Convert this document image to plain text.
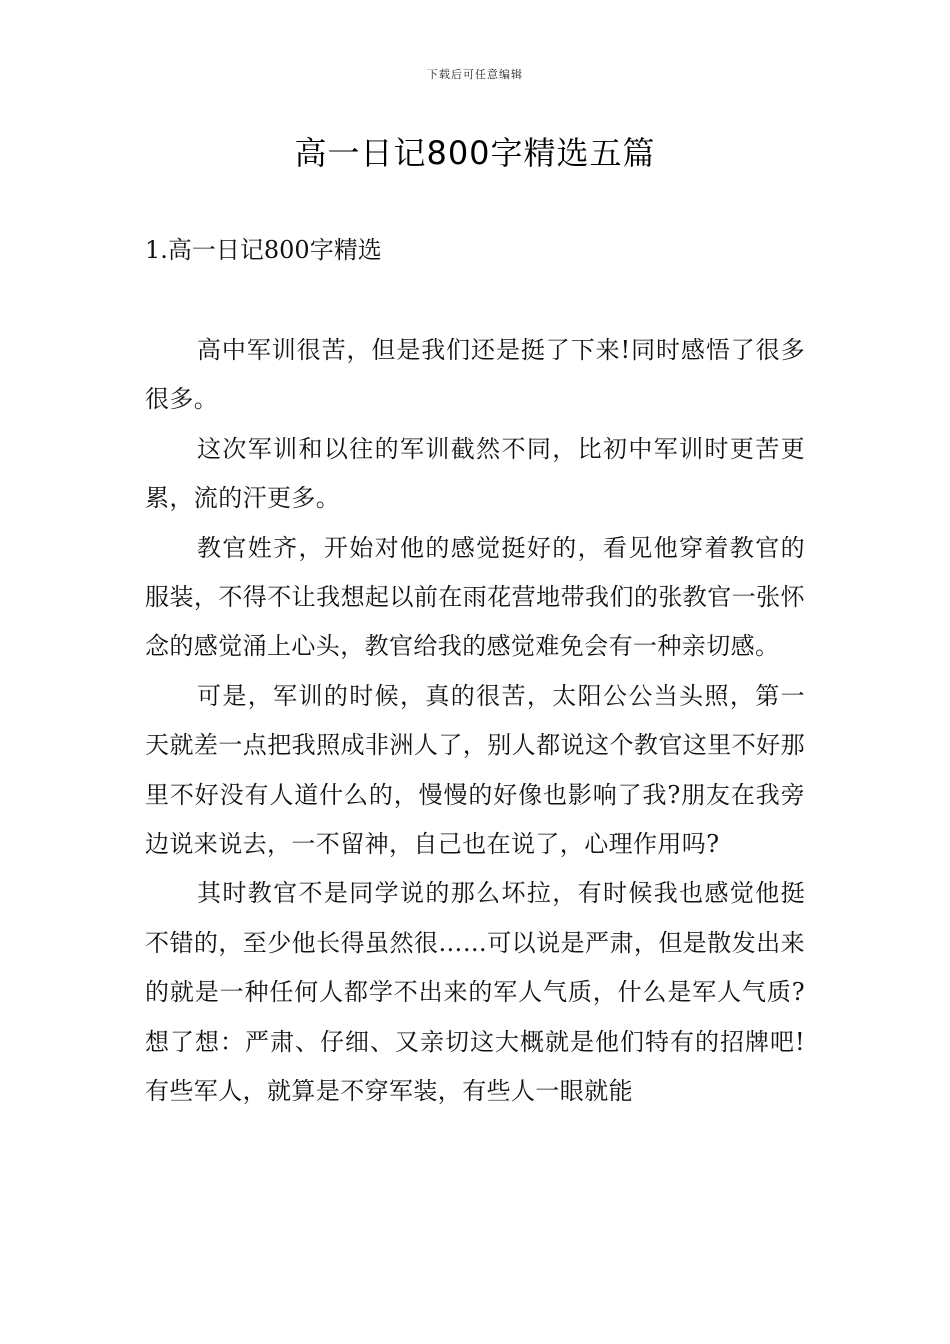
下载后可任意编辑
高一日记800字精选五篇
1.高一日记800字精选

高中军训很苦，但是我们还是挺了下来!同时感悟了很多很多。

这次军训和以往的军训截然不同，比初中军训时更苦更累，流的汗更多。

教官姓齐，开始对他的感觉挺好的，看见他穿着教官的服装，不得不让我想起以前在雨花营地带我们的张教官一张怀念的感觉涌上心头，教官给我的感觉难免会有一种亲切感。

可是，军训的时候，真的很苦，太阳公公当头照，第一天就差一点把我照成非洲人了，别人都说这个教官这里不好那里不好没有人道什么的，慢慢的好像也影响了我?朋友在我旁边说来说去，一不留神，自己也在说了，心理作用吗?

其时教官不是同学说的那么坏拉，有时候我也感觉他挺不错的，至少他长得虽然很……可以说是严肃，但是散发出来的就是一种任何人都学不出来的军人气质，什么是军人气质?想了想：严肃、仔细、又亲切这大概就是他们特有的招牌吧!有些军人，就算是不穿军装，有些人一眼就能
